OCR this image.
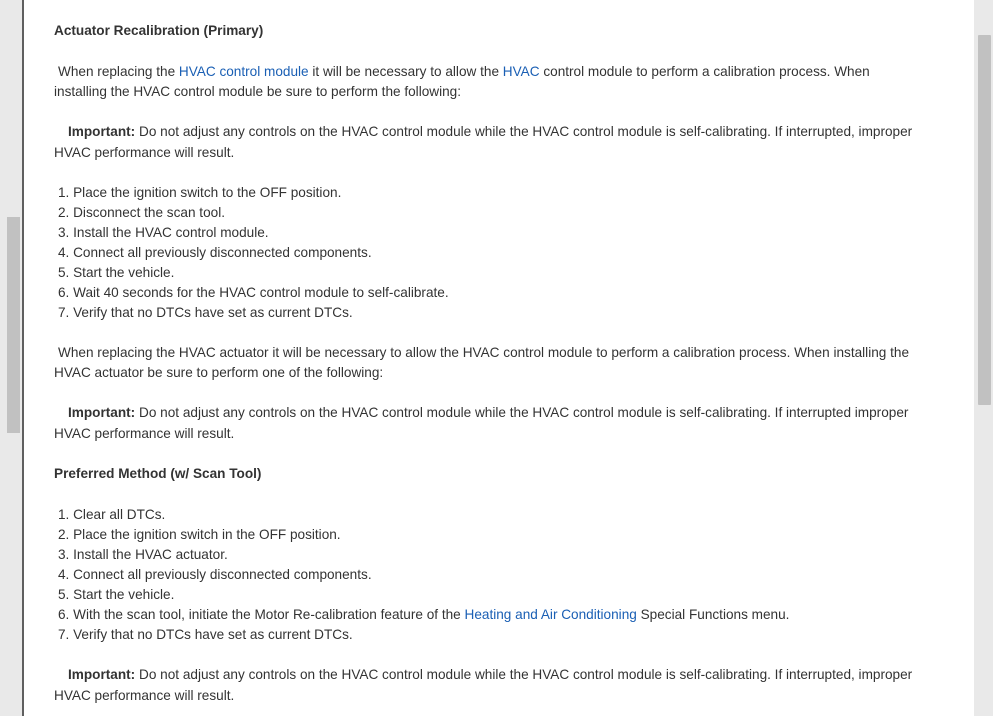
Actuator Recalibration (Primary)
When replacing the HVAC control module it will be necessary to allow the HVAC control module to perform a calibration process. When
installing the HVAC control module be sure to perform the following:
Important: Do not adjust any controls on the HVAC control module while the HVAC control module is self-calibrating. If interrupted, improper
HVAC performance will result.
1. Place the ignition switch to the OFF position.
2. Disconnect the scan tool.
3. Install the HVAC control module.
4. Connect all previously disconnected components.
5. Start the vehicle.
6. Wait 40 seconds for the HVAC control module to self-calibrate.
7. Verify that no DTCs have set as current DTCs.
When replacing the HVAC actuator it will be necessary to allow the HVAC control module to perform a calibration process. When installing the
HVAC actuator be sure to perform one of the following:
Important: Do not adjust any controls on the HVAC control module while the HVAC control module is self-calibrating. If interrupted improper
HVAC performance will result.
Preferred Method (w/ Scan Tool)
1. Clear all DTCs.
2. Place the ignition switch in the OFF position.
3. Install the HVAC actuator.
4. Connect all previously disconnected components.
5. Start the vehicle.
6. With the scan tool, initiate the Motor Re-calibration feature of the Heating and Air Conditioning Special Functions menu.
7. Verify that no DTCs have set as current DTCs.
Important: Do not adjust any controls on the HVAC control module while the HVAC control module is self-calibrating. If interrupted, improper
HVAC performance will result.
